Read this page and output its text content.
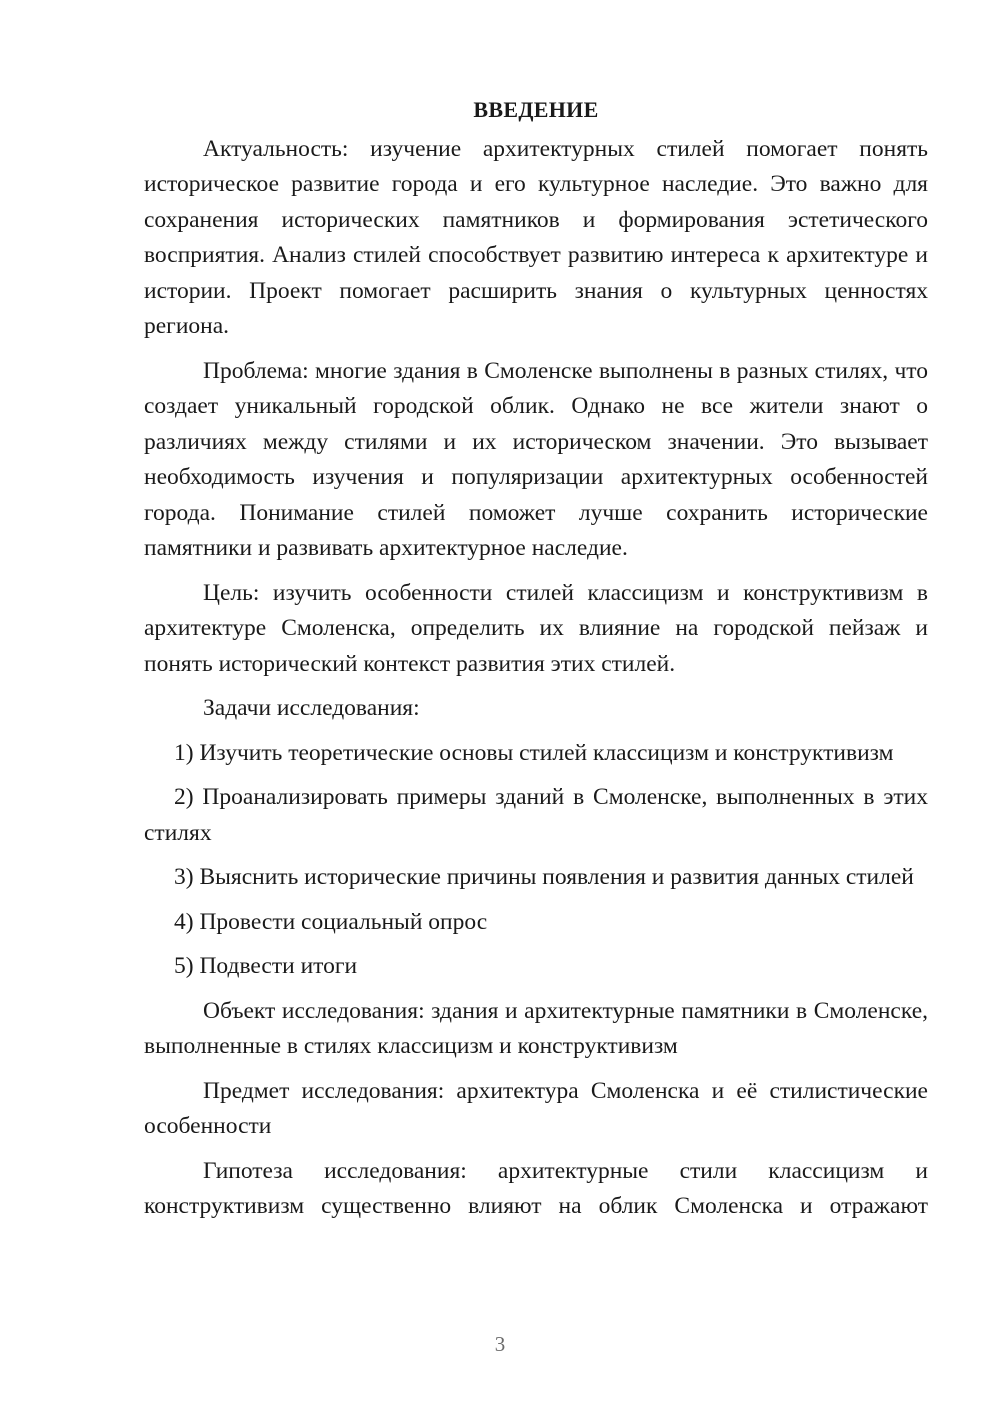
ВВЕДЕНИЕ

Актуальность: изучение архитектурных стилей помогает понять историческое развитие города и его культурное наследие. Это важно для сохранения исторических памятников и формирования эстетического восприятия. Анализ стилей способствует развитию интереса к архитектуре и истории. Проект помогает расширить знания о культурных ценностях региона.

Проблема: многие здания в Смоленске выполнены в разных стилях, что создает уникальный городской облик. Однако не все жители знают о различиях между стилями и их историческом значении. Это вызывает необходимость изучения и популяризации архитектурных особенностей города. Понимание стилей поможет лучше сохранить исторические памятники и развивать архитектурное наследие.

Цель: изучить особенности стилей классицизм и конструктивизм в архитектуре Смоленска, определить их влияние на городской пейзаж и понять исторический контекст развития этих стилей.

Задачи исследования:

1) Изучить теоретические основы стилей классицизм и конструктивизм

2) Проанализировать примеры зданий в Смоленске, выполненных в этих стилях

3) Выяснить исторические причины появления и развития данных стилей

4) Провести социальный опрос

5) Подвести итоги

Объект исследования: здания и архитектурные памятники в Смоленске, выполненные в стилях классицизм и конструктивизм

Предмет исследования: архитектура Смоленска и её стилистические особенности

Гипотеза исследования: архитектурные стили классицизм и конструктивизм существенно влияют на облик Смоленска и отражают

3
